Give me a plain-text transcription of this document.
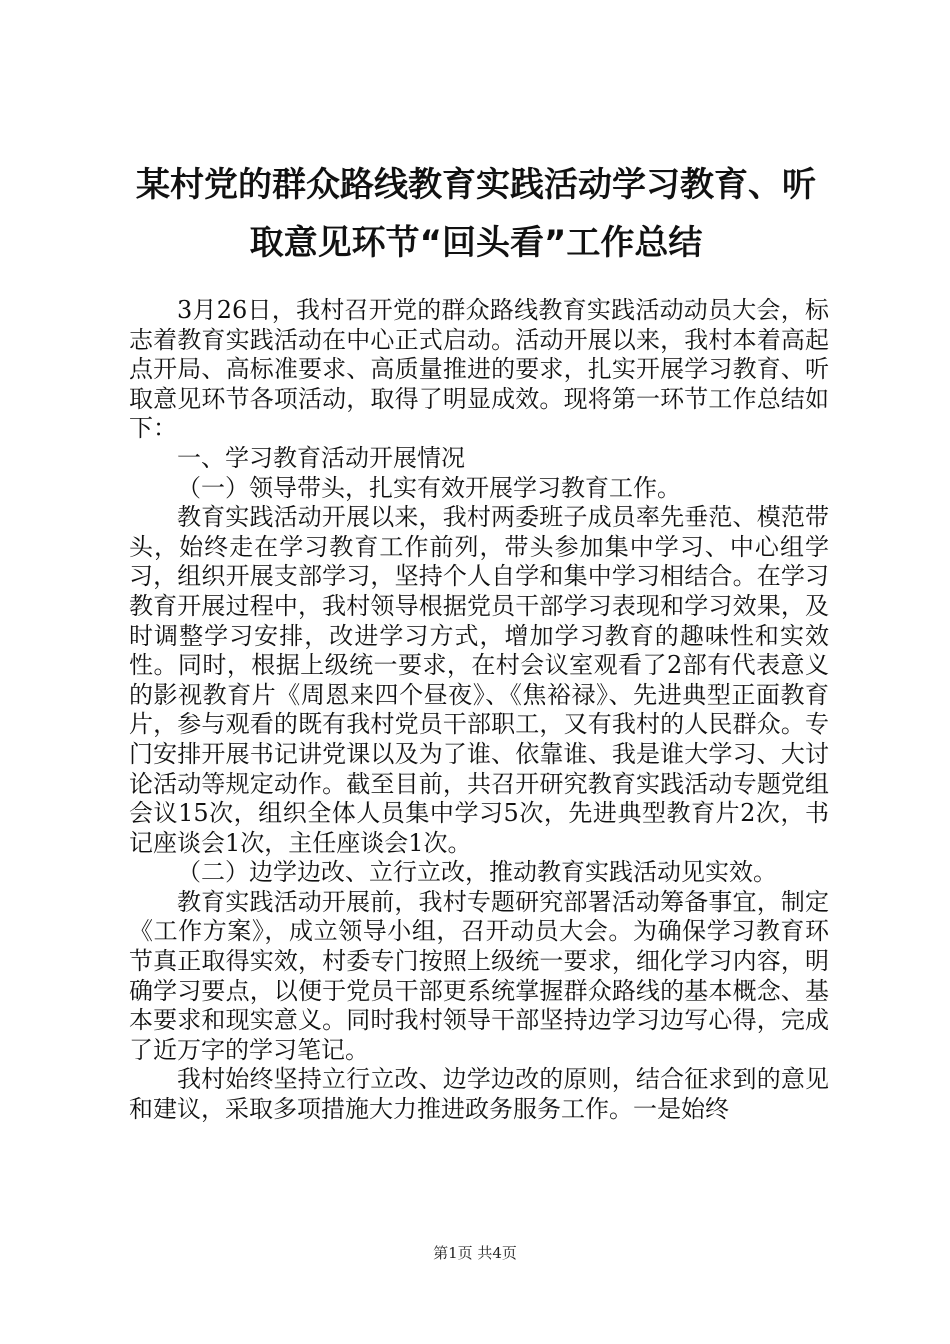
某村党的群众路线教育实践活动学习教育、听
取意见环节“回头看”工作总结

3月26日，我村召开党的群众路线教育实践活动动员大会，标志着教育实践活动在中心正式启动。活动开展以来，我村本着高起点开局、高标准要求、高质量推进的要求，扎实开展学习教育、听取意见环节各项活动，取得了明显成效。现将第一环节工作总结如下：

一、学习教育活动开展情况

（一）领导带头，扎实有效开展学习教育工作。

教育实践活动开展以来，我村两委班子成员率先垂范、模范带头，始终走在学习教育工作前列，带头参加集中学习、中心组学习，组织开展支部学习，坚持个人自学和集中学习相结合。在学习教育开展过程中，我村领导根据党员干部学习表现和学习效果，及时调整学习安排，改进学习方式，增加学习教育的趣味性和实效性。同时，根据上级统一要求，在村会议室观看了2部有代表意义的影视教育片《周恩来四个昼夜》、《焦裕禄》、先进典型正面教育片，参与观看的既有我村党员干部职工，又有我村的人民群众。专门安排开展书记讲党课以及为了谁、依靠谁、我是谁大学习、大讨论活动等规定动作。截至目前，共召开研究教育实践活动专题党组会议15次，组织全体人员集中学习5次，先进典型教育片2次，书记座谈会1次，主任座谈会1次。

（二）边学边改、立行立改，推动教育实践活动见实效。

教育实践活动开展前，我村专题研究部署活动筹备事宜，制定《工作方案》，成立领导小组，召开动员大会。为确保学习教育环节真正取得实效，村委专门按照上级统一要求，细化学习内容，明确学习要点，以便于党员干部更系统掌握群众路线的基本概念、基本要求和现实意义。同时我村领导干部坚持边学习边写心得，完成了近万字的学习笔记。

我村始终坚持立行立改、边学边改的原则，结合征求到的意见和建议，采取多项措施大力推进政务服务工作。一是始终

第1页 共4页
